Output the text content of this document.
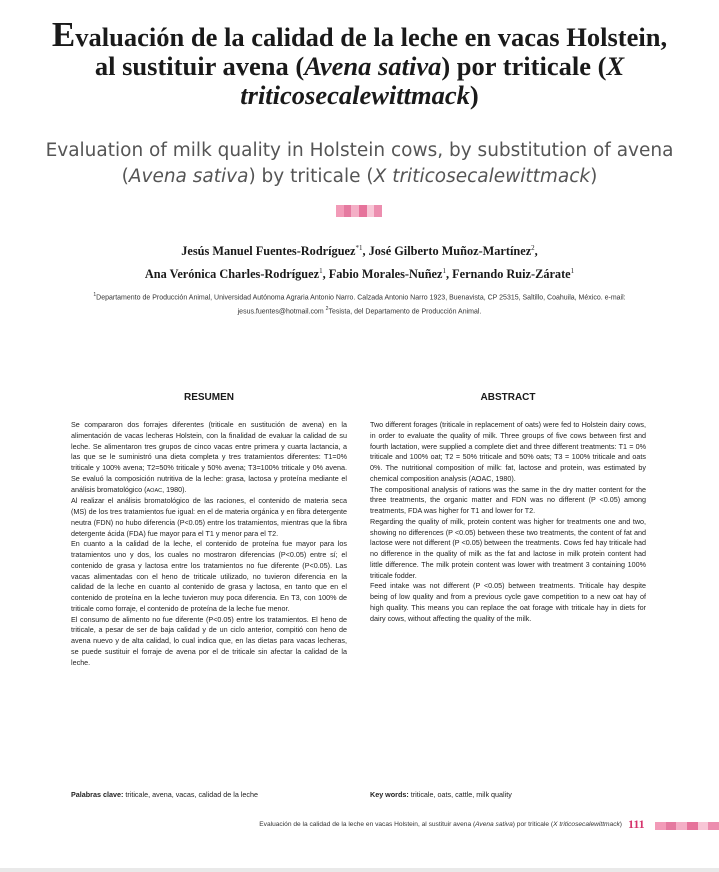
Evaluación de la calidad de la leche en vacas Holstein, al sustituir avena (Avena sativa) por triticale (X triticosecalewittmack)
Evaluation of milk quality in Holstein cows, by substitution of avena (Avena sativa) by triticale (X triticosecalewittmack)
Jesús Manuel Fuentes-Rodríguez$^{*1}$, José Gilberto Muñoz-Martínez$^2$,
Ana Verónica Charles-Rodríguez$^1$, Fabio Morales-Nuñez$^1$, Fernando Ruiz-Zárate$^1$
$^1$Departamento de Producción Animal, Universidad Autónoma Agraria Antonio Narro. Calzada Antonio Narro 1923, Buenavista, CP 25315, Saltillo, Coahuila, México. e-mail: jesus.fuentes@hotmail.com $^2$Tesista, del Departamento de Producción Animal.
RESUMEN

Se compararon dos forrajes diferentes (triticale en sustitución de avena) en la alimentación de vacas lecheras Holstein, con la finalidad de evaluar la calidad de su leche. Se alimentaron tres grupos de cinco vacas entre primera y cuarta lactancia, a las que se le suministró una dieta completa y tres tratamientos diferentes: T1=0% triticale y 100% avena; T2=50% triticale y 50% avena; T3=100% triticale y 0% avena. Se evaluó la composición nutritiva de la leche: grasa, lactosa y proteína mediante el análisis bromatológico (AOAC, 1980).

Al realizar el análisis bromatológico de las raciones, el contenido de materia seca (MS) de los tres tratamientos fue igual: en el de materia orgánica y en fibra detergente neutra (FDN) no hubo diferencia (P<0.05) entre los tratamientos, mientras que la fibra detergente ácida (FDA) fue mayor para el T1 y menor para el T2.

En cuanto a la calidad de la leche, el contenido de proteína fue mayor para los tratamientos uno y dos, los cuales no mostraron diferencias (P<0.05) entre sí; el contenido de grasa y lactosa entre los tratamientos no fue diferente (P<0.05). Las vacas alimentadas con el heno de triticale utilizado, no tuvieron diferencia en la calidad de la leche en cuanto al contenido de grasa y lactosa, en tanto que en el contenido de proteína en la leche tuvieron muy poca diferencia. En T3, con 100% de triticale como forraje, el contenido de proteína de la leche fue menor.

El consumo de alimento no fue diferente (P<0.05) entre los tratamientos. El heno de triticale, a pesar de ser de baja calidad y de un ciclo anterior, compitió con heno de avena nuevo y de alta calidad, lo cual indica que, en las dietas para vacas lecheras, se puede sustituir el forraje de avena por el de triticale sin afectar la calidad de la leche.

ABSTRACT

Two different forages (triticale in replacement of oats) were fed to Holstein dairy cows, in order to evaluate the quality of milk. Three groups of five cows between first and fourth lactation, were supplied a complete diet and three different treatments: T1 = 0% triticale and 100% oat; T2 = 50% triticale and 50% oats; T3 = 100% triticale and oats 0%. The nutritional composition of milk: fat, lactose and protein, was estimated by chemical composition analysis (AOAC, 1980).

The compositional analysis of rations was the same in the dry matter content for the three treatments, the organic matter and FDN was no different (P <0.05) among treatments, FDA was higher for T1 and lower for T2.

Regarding the quality of milk, protein content was higher for treatments one and two, showing no differences (P <0.05) between these two treatments, the content of fat and lactose were not different (P <0.05) between the treatments. Cows fed hay triticale had no difference in the quality of milk as the fat and lactose in milk protein content had little difference. The milk protein content was lower with treatment 3 containing 100% triticale fodder.

Feed intake was not different (P <0.05) between treatments. Triticale hay despite being of low quality and from a previous cycle gave competition to a new oat hay of high quality. This means you can replace the oat forage with triticale hay in diets for dairy cows, without affecting the quality of the milk.

Palabras clave: triticale, avena, vacas, calidad de la leche	Key words: triticale, oats, cattle, milk quality
Evaluación de la calidad de la leche en vacas Holstein, al sustituir avena (Avena sativa) por triticale (X triticosecalewittmack) 111
